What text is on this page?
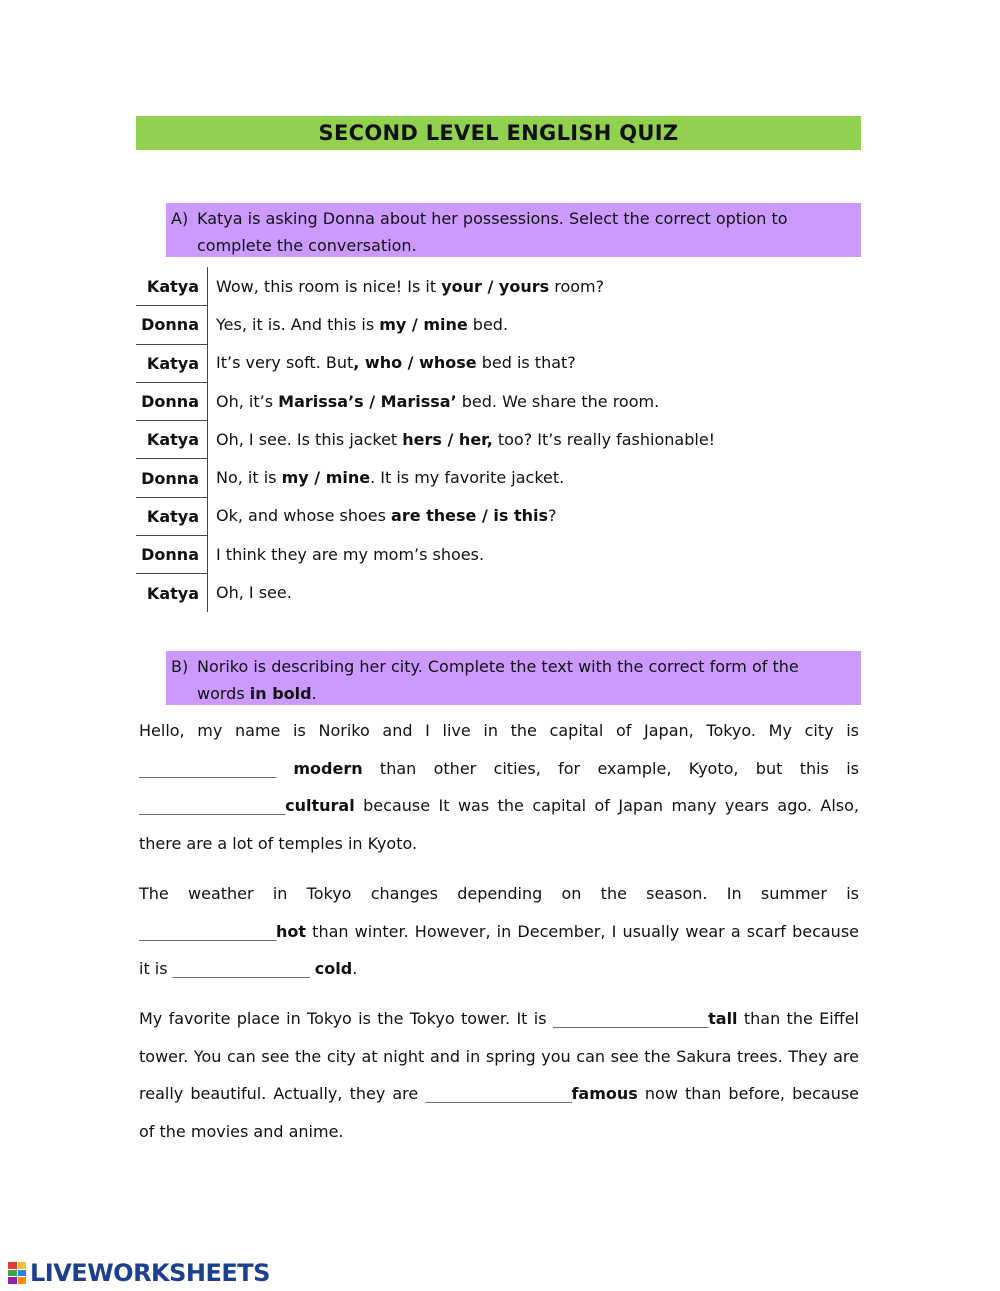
SECOND LEVEL ENGLISH QUIZ
A) Katya is asking Donna about her possessions. Select the correct option to
complete the conversation.
Katya	Wow, this room is nice! Is it your / yours room?
Donna	Yes, it is. And this is my / mine bed.
Katya	It’s very soft. But, who / whose bed is that?
Donna	Oh, it’s Marissa’s / Marissa’ bed. We share the room.
Katya	Oh, I see. Is this jacket hers / her, too? It’s really fashionable!
Donna	No, it is my / mine. It is my favorite jacket.
Katya	Ok, and whose shoes are these / is this?
Donna	I think they are my mom’s shoes.
Katya	Oh, I see.
B) Noriko is describing her city. Complete the text with the correct form of the
words in bold.
Hello, my name is Noriko and I live in the capital of Japan, Tokyo. My city is _______________ modern than other cities, for example, Kyoto, but this is ________________cultural because It was the capital of Japan many years ago. Also, there are a lot of temples in Kyoto.
The weather in Tokyo changes depending on the season. In summer is _______________hot than winter. However, in December, I usually wear a scarf because it is _______________ cold.
My favorite place in Tokyo is the Tokyo tower. It is _________________tall than the Eiffel tower. You can see the city at night and in spring you can see the Sakura trees. They are really beautiful. Actually, they are ________________famous now than before, because of the movies and anime.
LIVEWORKSHEETS
